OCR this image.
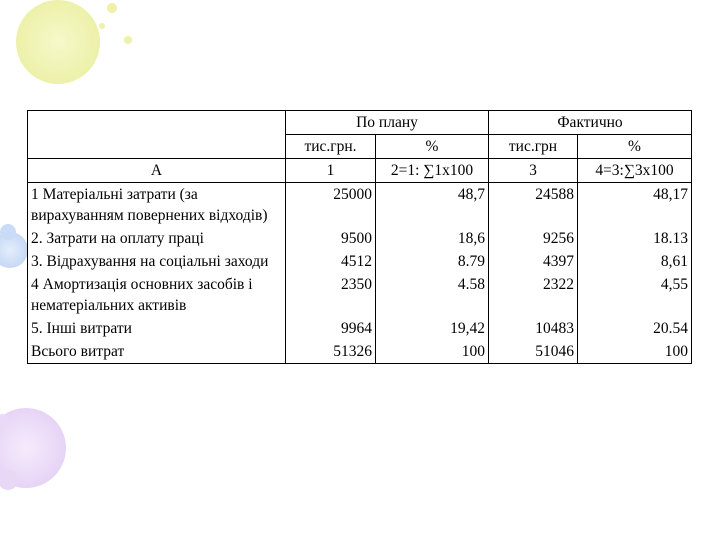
	По плану		Фактично	
	тис.грн.	%	тис.грн	%
А	1	2=1: ∑1х100	3	4=3:∑3х100
1 Матеріальні затрати (за вирахуванням повернених відходів)	25000	48,7	24588	48,17
2. Затрати на оплату праці	9500	18,6	9256	18.13
3. Відрахування на соціальні заходи	4512	8.79	4397	8,61
4 Амортизація основних засобів і нематеріальних активів	2350	4.58	2322	4,55
5. Інші витрати	9964	19,42	10483	20.54
Всього витрат	51326	100	51046	100
